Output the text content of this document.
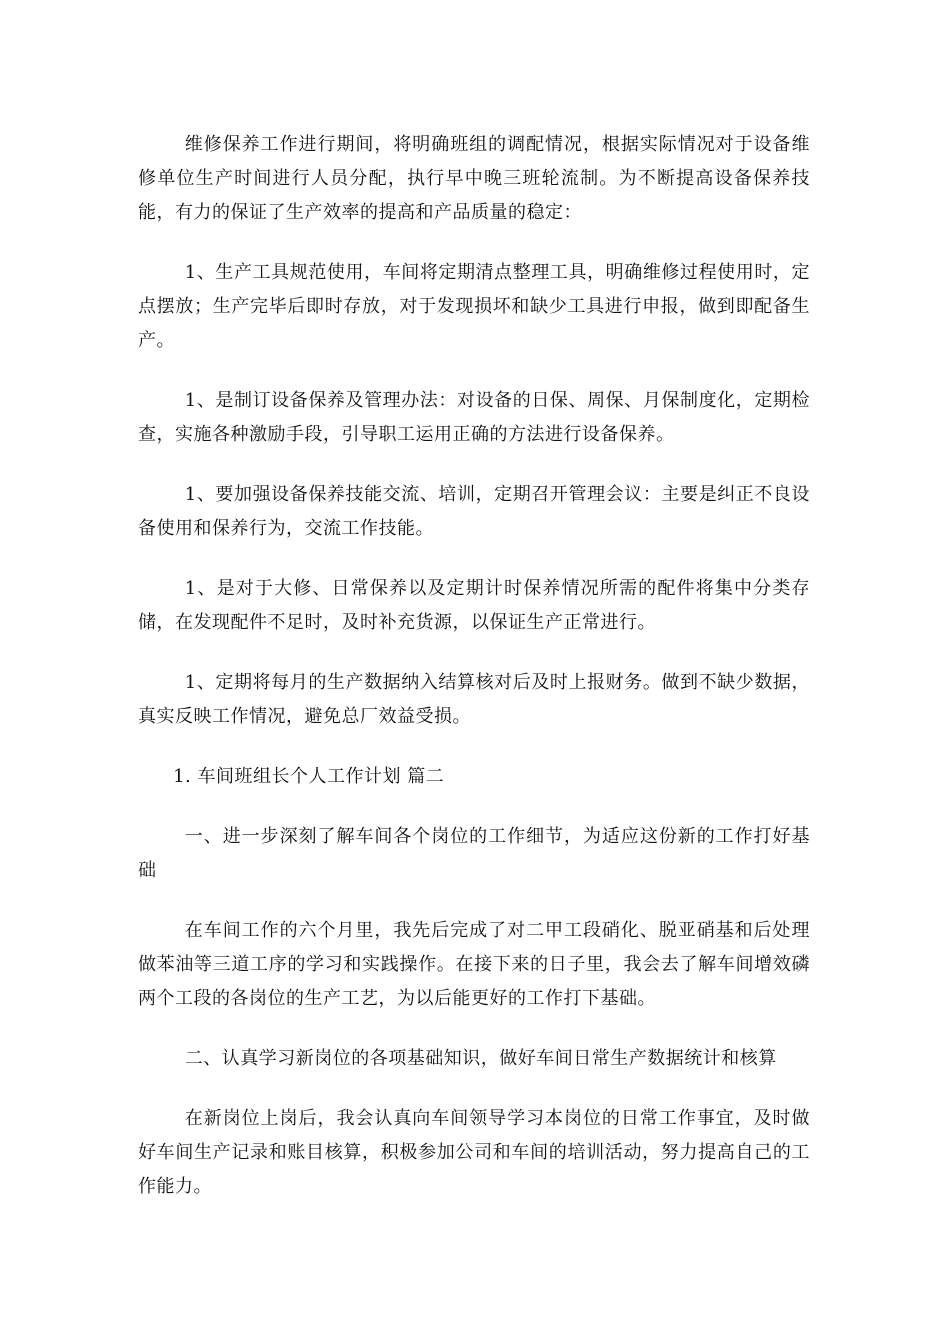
维修保养工作进行期间，将明确班组的调配情况，根据实际情况对于设备维修单位生产时间进行人员分配，执行早中晚三班轮流制。为不断提高设备保养技能，有力的保证了生产效率的提高和产品质量的稳定：

1、生产工具规范使用，车间将定期清点整理工具，明确维修过程使用时，定点摆放；生产完毕后即时存放，对于发现损坏和缺少工具进行申报，做到即配备生产。

1、是制订设备保养及管理办法：对设备的日保、周保、月保制度化，定期检查，实施各种激励手段，引导职工运用正确的方法进行设备保养。

1、要加强设备保养技能交流、培训，定期召开管理会议：主要是纠正不良设备使用和保养行为，交流工作技能。

1、是对于大修、日常保养以及定期计时保养情况所需的配件将集中分类存储，在发现配件不足时，及时补充货源，以保证生产正常进行。

1、定期将每月的生产数据纳入结算核对后及时上报财务。做到不缺少数据，真实反映工作情况，避免总厂效益受损。

1. 车间班组长个人工作计划 篇二

一、进一步深刻了解车间各个岗位的工作细节，为适应这份新的工作打好基础

在车间工作的六个月里，我先后完成了对二甲工段硝化、脱亚硝基和后处理做苯油等三道工序的学习和实践操作。在接下来的日子里，我会去了解车间增效磷两个工段的各岗位的生产工艺，为以后能更好的工作打下基础。

二、认真学习新岗位的各项基础知识，做好车间日常生产数据统计和核算

在新岗位上岗后，我会认真向车间领导学习本岗位的日常工作事宜，及时做好车间生产记录和账目核算，积极参加公司和车间的培训活动，努力提高自己的工作能力。
